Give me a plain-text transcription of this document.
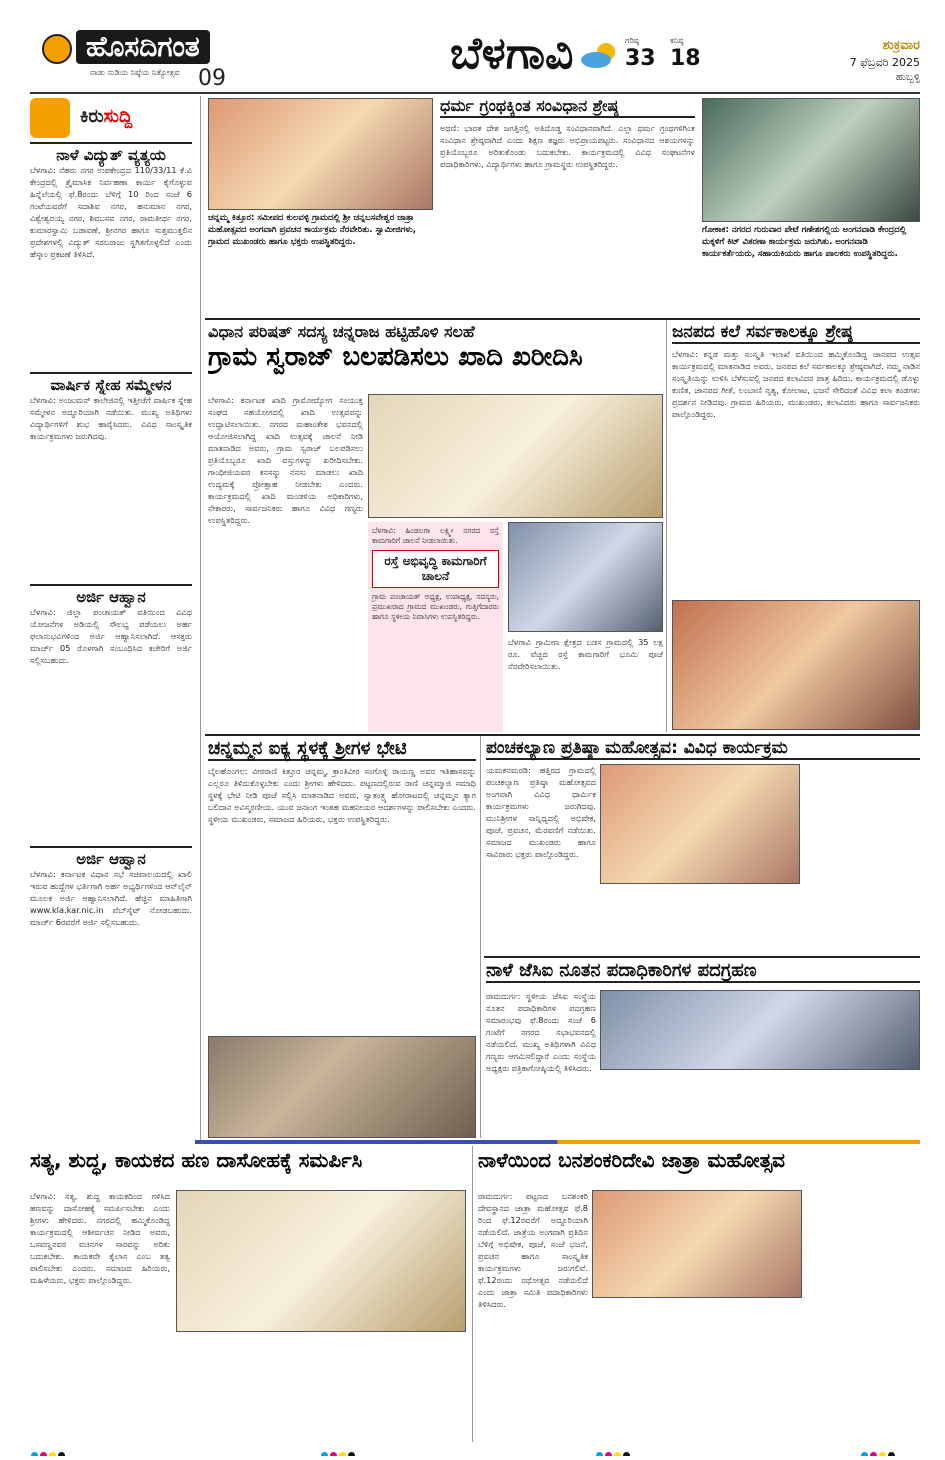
ಹೊಸದಿಗಂತ
ನಾಡು ನುಡಿಯ ನಿಷ್ಠೆಯ ನಿತ್ಯೋತ್ಸವ 09	ಬೆಳಗಾವಿ	ಗರಿಷ್ಠ
33
ಕನಿಷ್ಠ
18
ಶುಕ್ರವಾರ
7 ಫೆಬ್ರವರಿ 2025
ಹುಬ್ಬಳ್ಳಿ
ಕಿರುಸುದ್ದಿ
ನಾಳೆ ವಿದ್ಯುತ್ ವ್ಯತ್ಯಯ
ಬೆಳಗಾವಿ: ನೆಹರು ನಗರ ಉಪಕೇಂದ್ರದ 110/33/11 ಕೆ.ವಿ ಕೇಂದ್ರದಲ್ಲಿ ತ್ರೈಮಾಸಿಕ ನಿರ್ವಹಣಾ ಕಾರ್ಯ ಕೈಗೊಳ್ಳುವ ಹಿನ್ನೆಲೆಯಲ್ಲಿ ಫೆ.8ರಂದು ಬೆಳಿಗ್ಗೆ 10 ರಿಂದ ಸಂಜೆ 6 ಗಂಟೆಯವರೆಗೆ ಸದಾಶಿವ ನಗರ, ಹನುಮಾನ ನಗರ, ವಿಶ್ವೇಶ್ವರಯ್ಯ ನಗರ, ಶಿವಬಸವ ನಗರ, ರಾಮತೀರ್ಥ ನಗರ, ಕುಮಾರಸ್ವಾಮಿ ಬಡಾವಣೆ, ಶ್ರೀನಗರ ಹಾಗೂ ಸುತ್ತಮುತ್ತಲಿನ ಪ್ರದೇಶಗಳಲ್ಲಿ ವಿದ್ಯುತ್ ಸರಬರಾಜು ಸ್ಥಗಿತಗೊಳ್ಳಲಿದೆ ಎಂದು ಹೆಸ್ಕಾಂ ಪ್ರಕಟಣೆ ತಿಳಿಸಿದೆ.
ವಾರ್ಷಿಕ ಸ್ನೇಹ ಸಮ್ಮೇಳನ
ಬೆಳಗಾವಿ: ಅಂಜುಮನ್ ಕಾಲೇಜಿನಲ್ಲಿ ಇತ್ತೀಚೆಗೆ ವಾರ್ಷಿಕ ಸ್ನೇಹ ಸಮ್ಮೇಳನ ಅದ್ದೂರಿಯಾಗಿ ನಡೆಯಿತು. ಮುಖ್ಯ ಅತಿಥಿಗಳು ವಿದ್ಯಾರ್ಥಿಗಳಿಗೆ ಶುಭ ಹಾರೈಸಿದರು. ವಿವಿಧ ಸಾಂಸ್ಕೃತಿಕ ಕಾರ್ಯಕ್ರಮಗಳು ಜರುಗಿದವು.
ಅರ್ಜಿ ಆಹ್ವಾನ
ಬೆಳಗಾವಿ: ಜಿಲ್ಲಾ ಪಂಚಾಯತ್ ವತಿಯಿಂದ ವಿವಿಧ ಯೋಜನೆಗಳ ಅಡಿಯಲ್ಲಿ ಸೌಲಭ್ಯ ಪಡೆಯಲು ಅರ್ಹ ಫಲಾನುಭವಿಗಳಿಂದ ಅರ್ಜಿ ಆಹ್ವಾನಿಸಲಾಗಿದೆ. ಆಸಕ್ತರು ಮಾರ್ಚ್ 05 ರೊಳಗಾಗಿ ಸಂಬಂಧಿಸಿದ ಕಚೇರಿಗೆ ಅರ್ಜಿ ಸಲ್ಲಿಸಬಹುದು.
ಅರ್ಜಿ ಆಹ್ವಾನ
ಬೆಳಗಾವಿ: ಕರ್ನಾಟಕ ವಿಧಾನ ಸಭೆ ಸಚಿವಾಲಯದಲ್ಲಿ ಖಾಲಿ ಇರುವ ಹುದ್ದೆಗಳ ಭರ್ತಿಗಾಗಿ ಅರ್ಹ ಅಭ್ಯರ್ಥಿಗಳಿಂದ ಆನ್‌ಲೈನ್ ಮೂಲಕ ಅರ್ಜಿ ಆಹ್ವಾನಿಸಲಾಗಿದೆ. ಹೆಚ್ಚಿನ ಮಾಹಿತಿಗಾಗಿ www.kla.kar.nic.in ವೆಬ್‌ಸೈಟ್ ನೋಡಬಹುದು. ಮಾರ್ಚ್ 6ರವರೆಗೆ ಅರ್ಜಿ ಸಲ್ಲಿಸಬಹುದು.
ಚನ್ನಮ್ಮ ಕಿತ್ತೂರ: ಸಮೀಪದ ಕುಲವಳ್ಳಿ ಗ್ರಾಮದಲ್ಲಿ ಶ್ರೀ ಚನ್ನಬಸವೇಶ್ವರ ಜಾತ್ರಾ ಮಹೋತ್ಸವದ ಅಂಗವಾಗಿ ಪ್ರವಚನ ಕಾರ್ಯಕ್ರಮ ನೆರವೇರಿತು. ಸ್ವಾಮೀಜಿಗಳು, ಗ್ರಾಮದ ಮುಖಂಡರು ಹಾಗೂ ಭಕ್ತರು ಉಪಸ್ಥಿತರಿದ್ದರು.
ಧರ್ಮ ಗ್ರಂಥಕ್ಕಿಂತ ಸಂವಿಧಾನ ಶ್ರೇಷ್ಠ
ಅಥಣಿ: ಭಾರತ ದೇಶ ಜಗತ್ತಿನಲ್ಲಿ ಅತಿದೊಡ್ಡ ಸಂವಿಧಾನವಾಗಿದೆ. ಎಲ್ಲಾ ಧರ್ಮ ಗ್ರಂಥಗಳಿಗಿಂತ ಸಂವಿಧಾನ ಶ್ರೇಷ್ಠವಾಗಿದೆ ಎಂದು ಶಿಕ್ಷಣ ತಜ್ಞರು ಅಭಿಪ್ರಾಯಪಟ್ಟರು. ಸಂವಿಧಾನದ ಆಶಯಗಳನ್ನು ಪ್ರತಿಯೊಬ್ಬರೂ ಅರಿತುಕೊಂಡು ಬದುಕಬೇಕು. ಕಾರ್ಯಕ್ರಮದಲ್ಲಿ ವಿವಿಧ ಸಂಘಟನೆಗಳ ಪದಾಧಿಕಾರಿಗಳು, ವಿದ್ಯಾರ್ಥಿಗಳು ಹಾಗೂ ಗ್ರಾಮಸ್ಥರು ಉಪಸ್ಥಿತರಿದ್ದರು.
ಗೋಕಾಕ: ನಗರದ ಗುರುವಾರ ಪೇಟೆ ಗಣೇಶಗಲ್ಲಿಯ ಅಂಗನವಾಡಿ ಕೇಂದ್ರದಲ್ಲಿ ಮಕ್ಕಳಿಗೆ ಕಿಟ್ ವಿತರಣಾ ಕಾರ್ಯಕ್ರಮ ಜರುಗಿತು. ಅಂಗನವಾಡಿ ಕಾರ್ಯಕರ್ತೆಯರು, ಸಹಾಯಕಿಯರು ಹಾಗೂ ಪಾಲಕರು ಉಪಸ್ಥಿತರಿದ್ದರು.
ವಿಧಾನ ಪರಿಷತ್ ಸದಸ್ಯ ಚನ್ನರಾಜ ಹಟ್ಟಿಹೊಳಿ ಸಲಹೆ
ಗ್ರಾಮ ಸ್ವರಾಜ್ ಬಲಪಡಿಸಲು ಖಾದಿ ಖರೀದಿಸಿ
ಬೆಳಗಾವಿ: ಕರ್ನಾಟಕ ಖಾದಿ ಗ್ರಾಮೋದ್ಯೋಗ ಸಂಯುಕ್ತ ಸಂಘದ ಸಹಯೋಗದಲ್ಲಿ ಖಾದಿ ಉತ್ಸವವನ್ನು ಉದ್ಘಾಟಿಸಲಾಯಿತು. ನಗರದ ಮಹಾಂತೇಶ ಭವನದಲ್ಲಿ ಆಯೋಜಿಸಲಾಗಿದ್ದ ಖಾದಿ ಉತ್ಸವಕ್ಕೆ ಚಾಲನೆ ನೀಡಿ ಮಾತನಾಡಿದ ಅವರು, ಗ್ರಾಮ ಸ್ವರಾಜ್ ಬಲಪಡಿಸಲು ಪ್ರತಿಯೊಬ್ಬರೂ ಖಾದಿ ವಸ್ತುಗಳನ್ನು ಖರೀದಿಸಬೇಕು. ಗಾಂಧೀಜಿಯವರ ಕನಸನ್ನು ನನಸು ಮಾಡಲು ಖಾದಿ ಉದ್ಯಮಕ್ಕೆ ಪ್ರೋತ್ಸಾಹ ನೀಡಬೇಕು ಎಂದರು. ಕಾರ್ಯಕ್ರಮದಲ್ಲಿ ಖಾದಿ ಮಂಡಳಿಯ ಅಧಿಕಾರಿಗಳು, ನೇಕಾರರು, ಸಾರ್ವಜನಿಕರು ಹಾಗೂ ವಿವಿಧ ಗಣ್ಯರು ಉಪಸ್ಥಿತರಿದ್ದರು.
ಬೆಳಗಾವಿ: ಹಿಂಡಲಗಾ ಲಕ್ಷ್ಮೀ ನಗರದ ರಸ್ತೆ ಕಾಮಗಾರಿಗೆ ಚಾಲನೆ ನೀಡಲಾಯಿತು.
ರಸ್ತೆ ಅಭಿವೃದ್ಧಿ ಕಾಮಗಾರಿಗೆ ಚಾಲನೆ
ಗ್ರಾಮ ಪಂಚಾಯತ್ ಅಧ್ಯಕ್ಷ, ಉಪಾಧ್ಯಕ್ಷ, ಸದಸ್ಯರು, ಪ್ರಮುಖರಾದ ಗ್ರಾಮದ ಮುಖಂಡರು, ಗುತ್ತಿಗೆದಾರರು ಹಾಗೂ ಸ್ಥಳೀಯ ನಿವಾಸಿಗಳು ಉಪಸ್ಥಿತರಿದ್ದರು.
ಬೆಳಗಾವಿ ಗ್ರಾಮೀಣ ಕ್ಷೇತ್ರದ ಬಡಸ ಗ್ರಾಮದಲ್ಲಿ 35 ಲಕ್ಷ ರೂ. ವೆಚ್ಚದ ರಸ್ತೆ ಕಾಮಗಾರಿಗೆ ಭೂಮಿ ಪೂಜೆ ನೆರವೇರಿಸಲಾಯಿತು.
ಜನಪದ ಕಲೆ ಸರ್ವಕಾಲಕ್ಕೂ ಶ್ರೇಷ್ಠ
ಬೆಳಗಾವಿ: ಕನ್ನಡ ಮತ್ತು ಸಂಸ್ಕೃತಿ ಇಲಾಖೆ ವತಿಯಿಂದ ಹಮ್ಮಿಕೊಂಡಿದ್ದ ಜಾನಪದ ಉತ್ಸವ ಕಾರ್ಯಕ್ರಮದಲ್ಲಿ ಮಾತನಾಡಿದ ಅವರು, ಜನಪದ ಕಲೆ ಸರ್ವಕಾಲಕ್ಕೂ ಶ್ರೇಷ್ಠವಾಗಿದೆ. ನಮ್ಮ ನಾಡಿನ ಸಂಸ್ಕೃತಿಯನ್ನು ಉಳಿಸಿ ಬೆಳೆಸುವಲ್ಲಿ ಜನಪದ ಕಲಾವಿದರ ಪಾತ್ರ ಹಿರಿದು. ಕಾರ್ಯಕ್ರಮದಲ್ಲಿ ಡೊಳ್ಳು ಕುಣಿತ, ಜಾನಪದ ಗೀತೆ, ಲಂಬಾಣಿ ನೃತ್ಯ, ಕೋಲಾಟ, ಭಜನೆ ಸೇರಿದಂತೆ ವಿವಿಧ ಕಲಾ ತಂಡಗಳು ಪ್ರದರ್ಶನ ನೀಡಿದವು. ಗ್ರಾಮದ ಹಿರಿಯರು, ಮುಖಂಡರು, ಕಲಾವಿದರು ಹಾಗೂ ಸಾರ್ವಜನಿಕರು ಪಾಲ್ಗೊಂಡಿದ್ದರು.
ಚನ್ನಮ್ಮನ ಐಕ್ಯ ಸ್ಥಳಕ್ಕೆ ಶ್ರೀಗಳ ಭೇಟಿ
ಬೈಲಹೊಂಗಲ: ವೀರರಾಣಿ ಕಿತ್ತೂರ ಚನ್ನಮ್ಮ, ಕ್ರಾಂತಿವೀರ ಸಂಗೊಳ್ಳಿ ರಾಯಣ್ಣ ಅವರ ಇತಿಹಾಸವನ್ನು ಎಲ್ಲರೂ ತಿಳಿದುಕೊಳ್ಳಬೇಕು ಎಂದು ಶ್ರೀಗಳು ಹೇಳಿದರು. ಪಟ್ಟಣದಲ್ಲಿರುವ ರಾಣಿ ಚನ್ನಮ್ಮಾಜಿ ಸಮಾಧಿ ಸ್ಥಳಕ್ಕೆ ಭೇಟಿ ನೀಡಿ ಪೂಜೆ ಸಲ್ಲಿಸಿ ಮಾತನಾಡಿದ ಅವರು, ಸ್ವಾತಂತ್ರ್ಯ ಹೋರಾಟದಲ್ಲಿ ಚನ್ನಮ್ಮನ ತ್ಯಾಗ ಬಲಿದಾನ ಅವಿಸ್ಮರಣೀಯ. ಯುವ ಜನಾಂಗ ಇಂತಹ ಮಹನೀಯರ ಆದರ್ಶಗಳನ್ನು ಪಾಲಿಸಬೇಕು ಎಂದರು. ಸ್ಥಳೀಯ ಮುಖಂಡರು, ಸಮಾಜದ ಹಿರಿಯರು, ಭಕ್ತರು ಉಪಸ್ಥಿತರಿದ್ದರು.
ಪಂಚಕಲ್ಯಾಣ ಪ್ರತಿಷ್ಠಾ ಮಹೋತ್ಸವ: ವಿವಿಧ ಕಾರ್ಯಕ್ರಮ
ಯಮಕನಮರಡಿ: ಹತ್ತಿರದ ಗ್ರಾಮದಲ್ಲಿ ಪಂಚಕಲ್ಯಾಣ ಪ್ರತಿಷ್ಠಾ ಮಹೋತ್ಸವದ ಅಂಗವಾಗಿ ವಿವಿಧ ಧಾರ್ಮಿಕ ಕಾರ್ಯಕ್ರಮಗಳು ಜರುಗಿದವು. ಮುನಿಶ್ರೀಗಳ ಸಾನ್ನಿಧ್ಯದಲ್ಲಿ ಅಭಿಷೇಕ, ಪೂಜೆ, ಪ್ರವಚನ, ಮೆರವಣಿಗೆ ನಡೆಯಿತು. ಸಮಾಜದ ಮುಖಂಡರು ಹಾಗೂ ಸಾವಿರಾರು ಭಕ್ತರು ಪಾಲ್ಗೊಂಡಿದ್ದರು.
ನಾಳೆ ಜೆಸಿಐ ನೂತನ ಪದಾಧಿಕಾರಿಗಳ ಪದಗ್ರಹಣ
ರಾಮದುರ್ಗ: ಸ್ಥಳೀಯ ಜೆಸಿಐ ಸಂಸ್ಥೆಯ ನೂತನ ಪದಾಧಿಕಾರಿಗಳ ಪದಗ್ರಹಣ ಸಮಾರಂಭವು ಫೆ.8ರಂದು ಸಂಜೆ 6 ಗಂಟೆಗೆ ನಗರದ ಸಭಾಭವನದಲ್ಲಿ ನಡೆಯಲಿದೆ. ಮುಖ್ಯ ಅತಿಥಿಗಳಾಗಿ ವಿವಿಧ ಗಣ್ಯರು ಆಗಮಿಸಲಿದ್ದಾರೆ ಎಂದು ಸಂಸ್ಥೆಯ ಅಧ್ಯಕ್ಷರು ಪತ್ರಿಕಾಗೋಷ್ಠಿಯಲ್ಲಿ ತಿಳಿಸಿದರು.
ಸತ್ಯ, ಶುದ್ಧ, ಕಾಯಕದ ಹಣ ದಾಸೋಹಕ್ಕೆ ಸಮರ್ಪಿಸಿ
ಬೆಳಗಾವಿ: ಸತ್ಯ, ಶುದ್ಧ ಕಾಯಕದಿಂದ ಗಳಿಸಿದ ಹಣವನ್ನು ದಾಸೋಹಕ್ಕೆ ಸಮರ್ಪಿಸಬೇಕು ಎಂದು ಶ್ರೀಗಳು ಹೇಳಿದರು. ನಗರದಲ್ಲಿ ಹಮ್ಮಿಕೊಂಡಿದ್ದ ಕಾರ್ಯಕ್ರಮದಲ್ಲಿ ಆಶೀರ್ವಚನ ನೀಡಿದ ಅವರು, ಬಸವಣ್ಣನವರ ವಚನಗಳ ಸಾರವನ್ನು ಅರಿತು ಬದುಕಬೇಕು. ಕಾಯಕವೇ ಕೈಲಾಸ ಎಂಬ ತತ್ವ ಪಾಲಿಸಬೇಕು ಎಂದರು. ಸಮಾಜದ ಹಿರಿಯರು, ಮಹಿಳೆಯರು, ಭಕ್ತರು ಪಾಲ್ಗೊಂಡಿದ್ದರು.
ನಾಳೆಯಿಂದ ಬನಶಂಕರಿದೇವಿ ಜಾತ್ರಾ ಮಹೋತ್ಸವ
ರಾಮದುರ್ಗ: ಪಟ್ಟಣದ ಬನಶಂಕರಿ ದೇವಸ್ಥಾನದ ಜಾತ್ರಾ ಮಹೋತ್ಸವ ಫೆ.8 ರಿಂದ ಫೆ.12ರವರೆಗೆ ಅದ್ದೂರಿಯಾಗಿ ನಡೆಯಲಿದೆ. ಜಾತ್ರೆಯ ಅಂಗವಾಗಿ ಪ್ರತಿದಿನ ಬೆಳಿಗ್ಗೆ ಅಭಿಷೇಕ, ಪೂಜೆ, ಸಂಜೆ ಭಜನೆ, ಪ್ರವಚನ ಹಾಗೂ ಸಾಂಸ್ಕೃತಿಕ ಕಾರ್ಯಕ್ರಮಗಳು ಜರುಗಲಿವೆ. ಫೆ.12ರಂದು ರಥೋತ್ಸವ ನಡೆಯಲಿದೆ ಎಂದು ಜಾತ್ರಾ ಸಮಿತಿ ಪದಾಧಿಕಾರಿಗಳು ತಿಳಿಸಿದರು.
